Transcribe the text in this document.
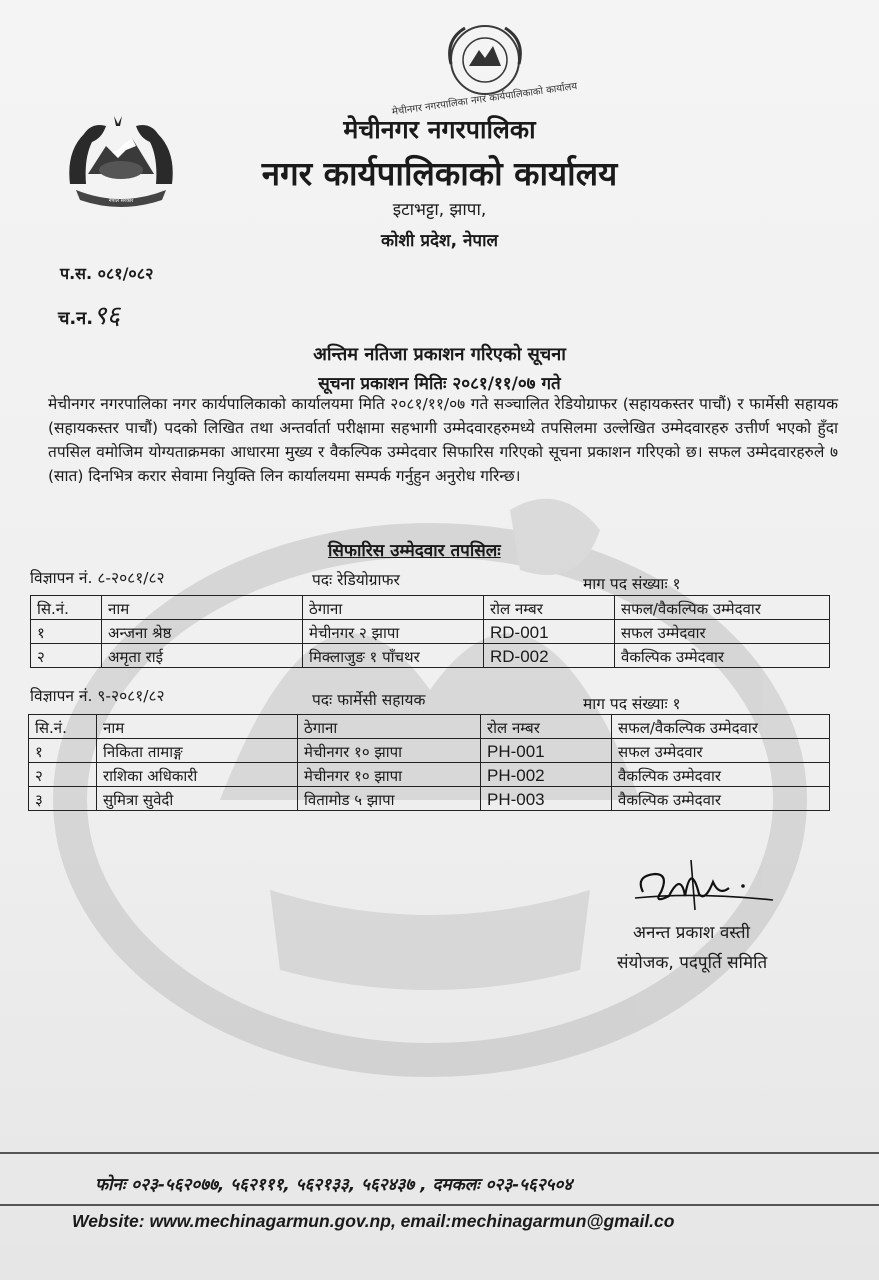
नेपाल सरकार
मेचीनगर नगरपालिका नगर कार्यपालिकाको कार्यालय
मेचीनगर नगरपालिका
नगर कार्यपालिकाको कार्यालय
इटाभट्टा, झापा,
कोशी प्रदेश, नेपाल
प.स. ०८१/०८२
च.न.९६
अन्तिम नतिजा प्रकाशन गरिएको सूचना
सूचना प्रकाशन मितिः २०८१/११/०७ गते
मेचीनगर नगरपालिका नगर कार्यपालिकाको कार्यालयमा मिति २०८१/११/०७ गते सञ्चालित रेडियोग्राफर (सहायकस्तर पाचौं) र फार्मेसी सहायक (सहायकस्तर पाचौं) पदको लिखित तथा अन्तर्वार्ता परीक्षामा सहभागी उम्मेदवारहरुमध्ये तपसिलमा उल्लेखित उम्मेदवारहरु उत्तीर्ण भएको हुँदा तपसिल वमोजिम योग्यताक्रमका आधारमा मुख्य र वैकल्पिक उम्मेदवार सिफारिस गरिएको सूचना प्रकाशन गरिएको छ। सफल उम्मेदवारहरुले ७ (सात) दिनभित्र करार सेवामा नियुक्ति लिन कार्यालयमा सम्पर्क गर्नुहुन अनुरोध गरिन्छ।
सिफारिस उम्मेदवार तपसिलः
विज्ञापन नं. ८-२०८१/८२	पदः रेडियोग्राफर	माग पद संख्याः १
सि.नं.	नाम	ठेगाना	रोल नम्बर	सफल/वैकल्पिक उम्मेदवार
१	अन्जना श्रेष्ठ	मेचीनगर २ झापा	RD-001	सफल उम्मेदवार
२	अमृता राई	मिक्लाजुङ १ पाँचथर	RD-002	वैकल्पिक उम्मेदवार
विज्ञापन नं. ९-२०८१/८२	पदः फार्मेसी सहायक	माग पद संख्याः १
सि.नं.	नाम	ठेगाना	रोल नम्बर	सफल/वैकल्पिक उम्मेदवार
१	निकिता तामाङ्ग	मेचीनगर १० झापा	PH-001	सफल उम्मेदवार
२	राशिका अधिकारी	मेचीनगर १० झापा	PH-002	वैकल्पिक उम्मेदवार
३	सुमित्रा सुवेदी	वितामोड ५ झापा	PH-003	वैकल्पिक उम्मेदवार
अनन्त प्रकाश वस्ती
संयोजक, पदपूर्ति समिति
फोनः ०२३-५६२०७७, ५६२१११, ५६२१३३, ५६२४३७ , दमकलः ०२३-५६२५०४
Website: www.mechinagarmun.gov.np, email:mechinagarmun@gmail.co
